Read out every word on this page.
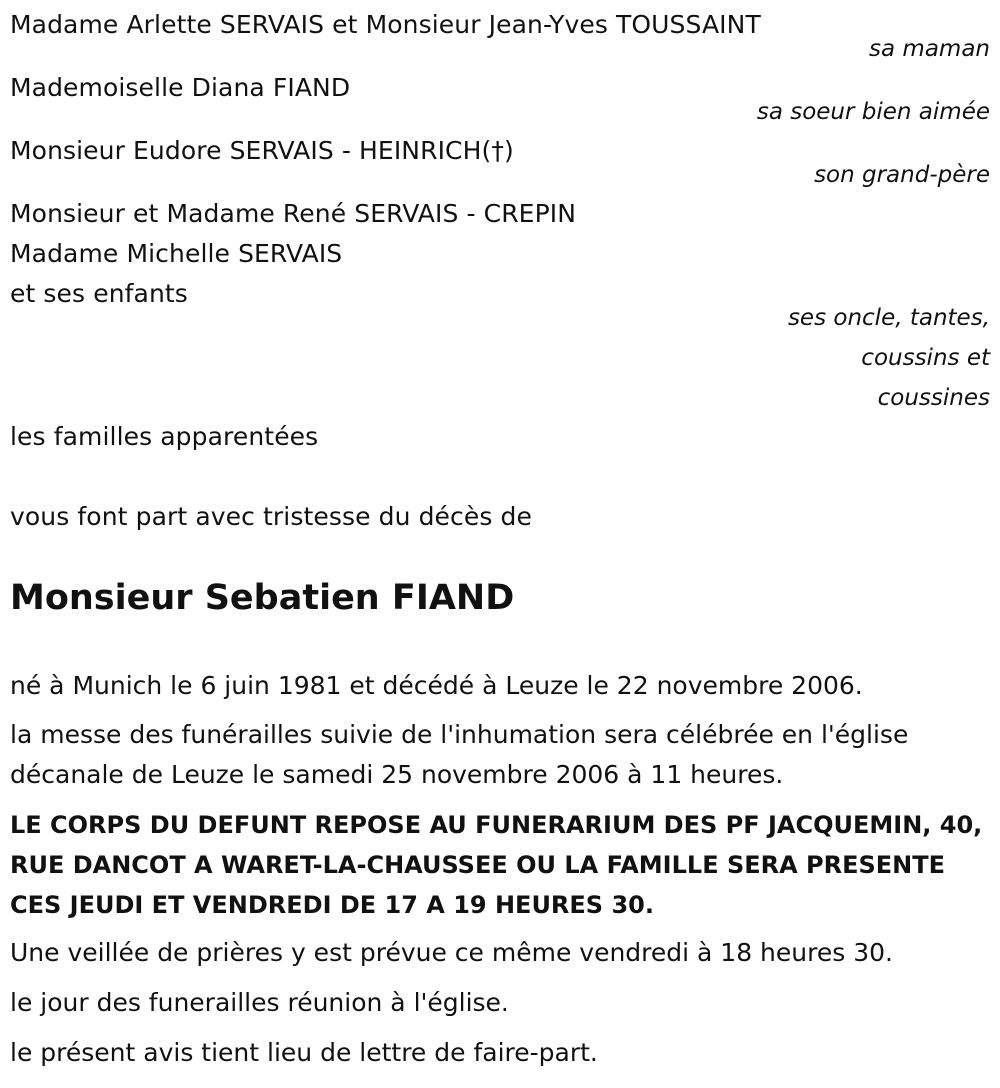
Madame Arlette SERVAIS et Monsieur Jean-Yves TOUSSAINT
sa maman
Mademoiselle Diana FIAND
sa soeur bien aimée
Monsieur Eudore SERVAIS - HEINRICH(†)
son grand-père
Monsieur et Madame René SERVAIS - CREPIN
Madame Michelle SERVAIS
et ses enfants
ses oncle, tantes,
coussins et
coussines
les familles apparentées
vous font part avec tristesse du décès de
Monsieur Sebatien FIAND
né à Munich le 6 juin 1981 et décédé à Leuze le 22 novembre 2006.
la messe des funérailles suivie de l'inhumation sera célébrée en l'église décanale de Leuze le samedi 25 novembre 2006 à 11 heures.
LE CORPS DU DEFUNT REPOSE AU FUNERARIUM DES PF JACQUEMIN, 40, RUE DANCOT A WARET-LA-CHAUSSEE OU LA FAMILLE SERA PRESENTE CES JEUDI ET VENDREDI DE 17 A 19 HEURES 30.
Une veillée de prières y est prévue ce même vendredi à 18 heures 30.
le jour des funerailles réunion à l'église.
le présent avis tient lieu de lettre de faire-part.
